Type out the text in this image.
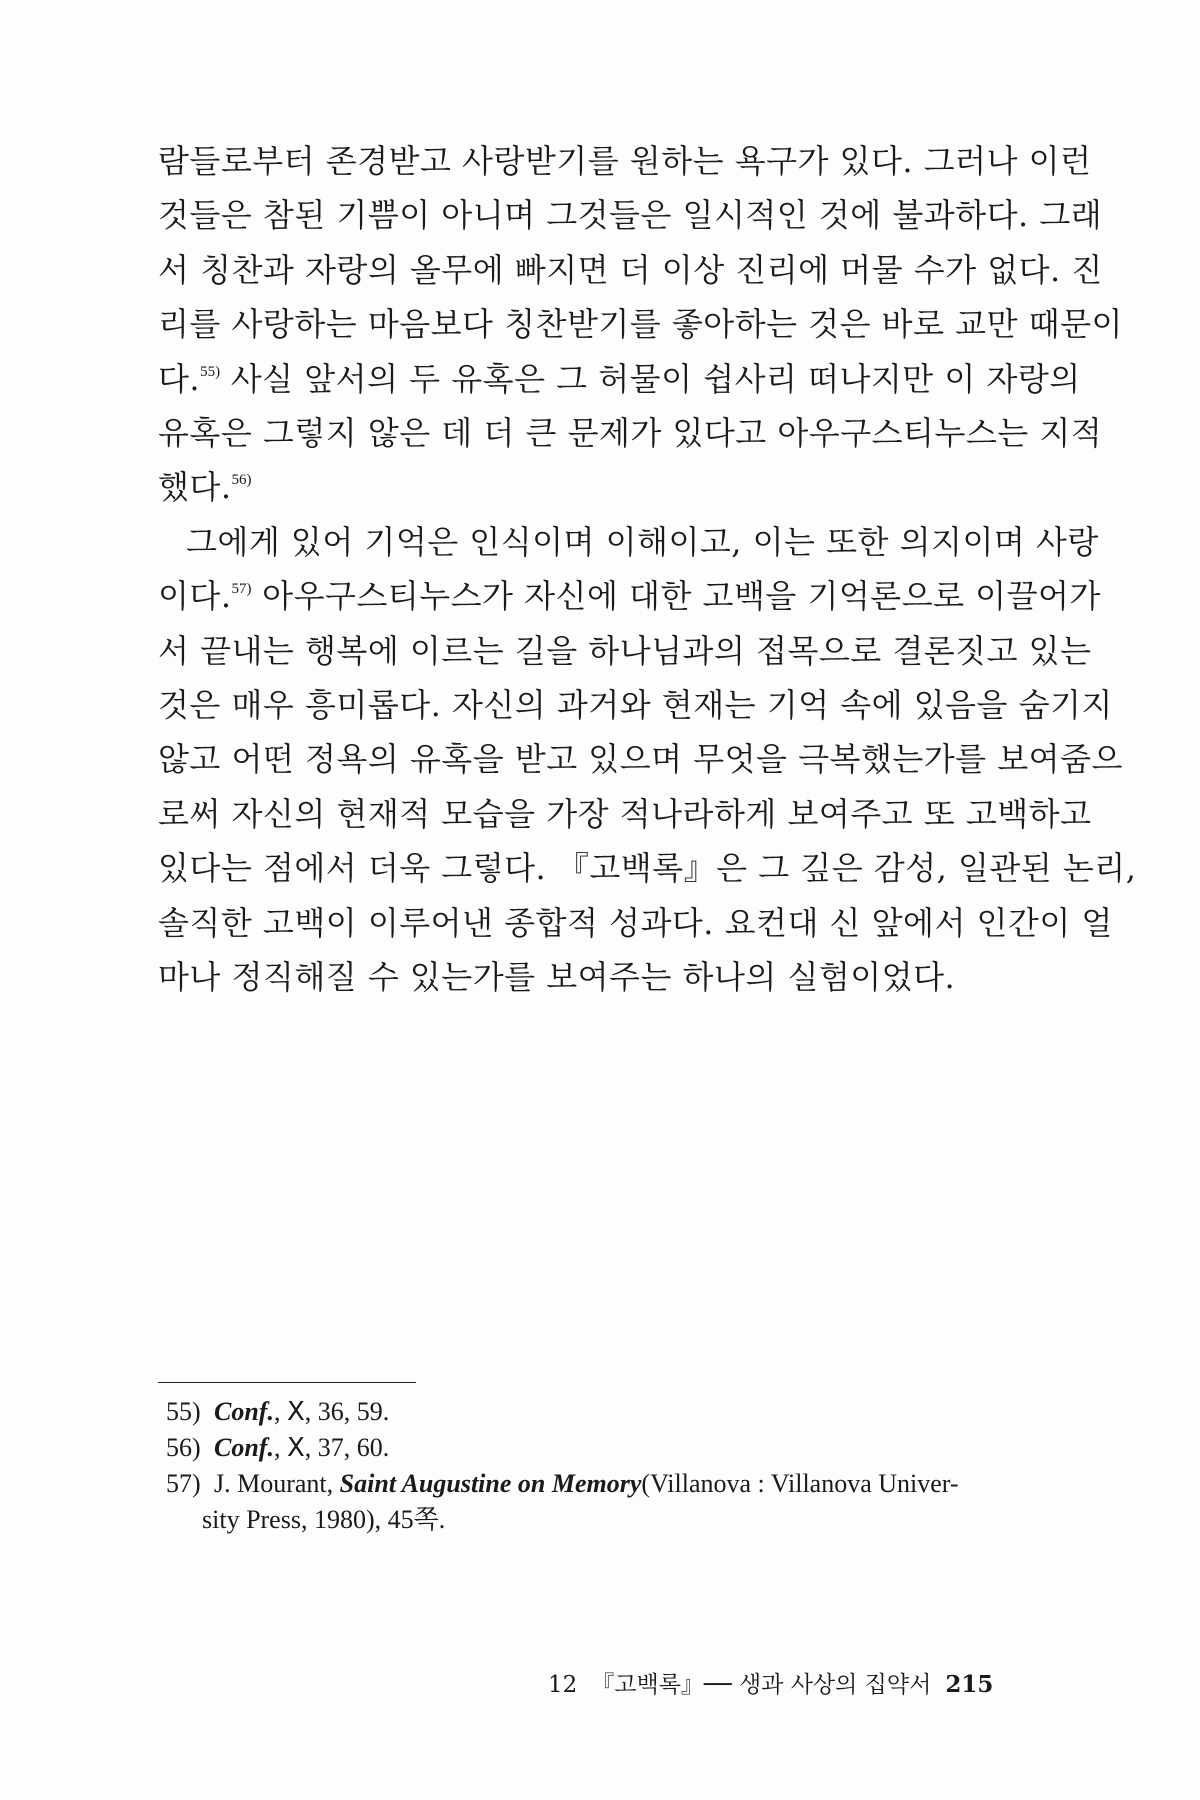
람들로부터 존경받고 사랑받기를 원하는 욕구가 있다. 그러나 이런
것들은 참된 기쁨이 아니며 그것들은 일시적인 것에 불과하다. 그래
서 칭찬과 자랑의 올무에 빠지면 더 이상 진리에 머물 수가 없다. 진
리를 사랑하는 마음보다 칭찬받기를 좋아하는 것은 바로 교만 때문이
다.$^{55)}$ 사실 앞서의 두 유혹은 그 허물이 쉽사리 떠나지만 이 자랑의
유혹은 그렇지 않은 데 더 큰 문제가 있다고 아우구스티누스는 지적
했다.$^{56)}$
그에게 있어 기억은 인식이며 이해이고, 이는 또한 의지이며 사랑
이다.$^{57)}$ 아우구스티누스가 자신에 대한 고백을 기억론으로 이끌어가
서 끝내는 행복에 이르는 길을 하나님과의 접목으로 결론짓고 있는
것은 매우 흥미롭다. 자신의 과거와 현재는 기억 속에 있음을 숨기지
않고 어떤 정욕의 유혹을 받고 있으며 무엇을 극복했는가를 보여줌으
로써 자신의 현재적 모습을 가장 적나라하게 보여주고 또 고백하고
있다는 점에서 더욱 그렇다. 『고백록』은 그 깊은 감성, 일관된 논리,
솔직한 고백이 이루어낸 종합적 성과다. 요컨대 신 앞에서 인간이 얼
마나 정직해질 수 있는가를 보여주는 하나의 실험이었다.
55) Conf., Ⅹ, 36, 59.
56) Conf., Ⅹ, 37, 60.
57) J. Mourant, Saint Augustine on Memory(Villanova : Villanova Univer-
sity Press, 1980), 45쪽.
12 『고백록』── 생과 사상의 집약서 215
